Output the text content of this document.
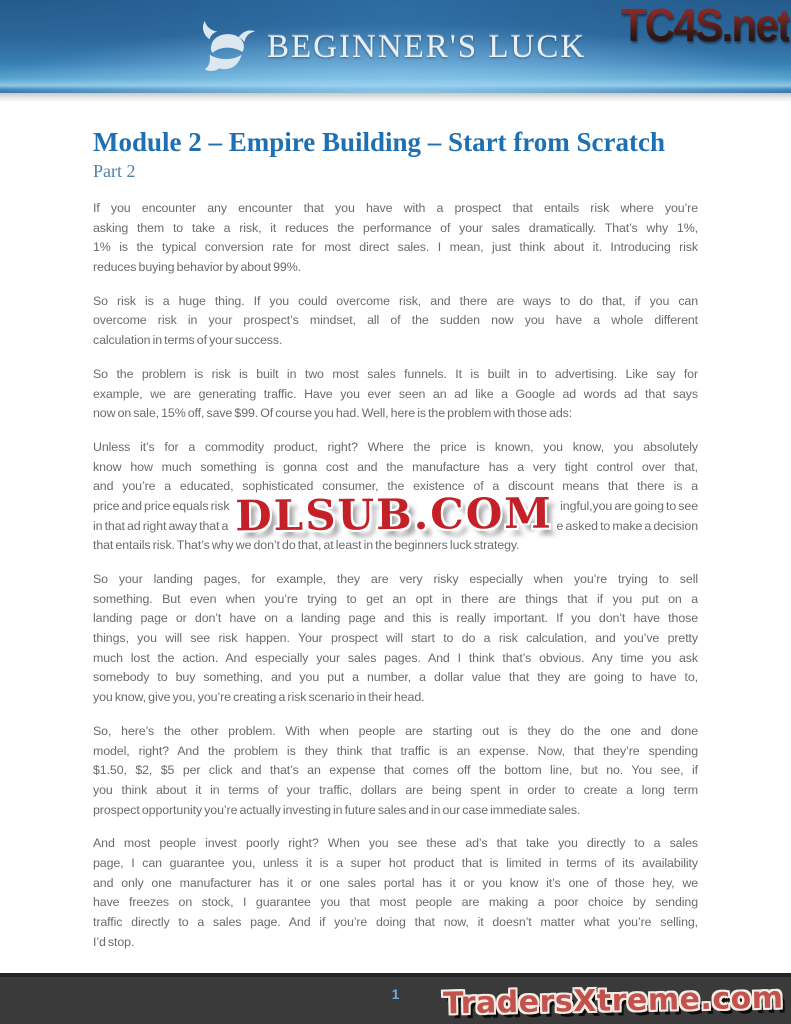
BEGINNER'S LUCK TC4S.net
Module 2 – Empire Building – Start from Scratch
Part 2
If you encounter any encounter that you have with a prospect that entails risk where you’re
asking them to take a risk, it reduces the performance of your sales dramatically. That’s why 1%,
1% is the typical conversion rate for most direct sales. I mean, just think about it. Introducing risk
reduces buying behavior by about 99%.
So risk is a huge thing. If you could overcome risk, and there are ways to do that, if you can
overcome risk in your prospect’s mindset, all of the sudden now you have a whole different
calculation in terms of your success.
So the problem is risk is built in two most sales funnels. It is built in to advertising. Like say for
example, we are generating traffic. Have you ever seen an ad like a Google ad words ad that says
now on sale, 15% off, save $99. Of course you had. Well, here is the problem with those ads:
Unless it’s for a commodity product, right? Where the price is known, you know, you absolutely
know how much something is gonna cost and the manufacture has a very tight control over that,
and you’re a educated, sophisticated consumer, the existence of a discount means that there is a
price and price equals risk	ingful,you are going to see
in that ad right away that a	e asked to make a decision
that entails risk. That’s why we don’t do that, at least in the beginners luck strategy.
So your landing pages, for example, they are very risky especially when you’re trying to sell
something. But even when you’re trying to get an opt in there are things that if you put on a
landing page or don’t have on a landing page and this is really important. If you don’t have those
things, you will see risk happen. Your prospect will start to do a risk calculation, and you’ve pretty
much lost the action. And especially your sales pages. And I think that’s obvious. Any time you ask
somebody to buy something, and you put a number, a dollar value that they are going to have to,
you know, give you, you’re creating a risk scenario in their head.
So, here’s the other problem. With when people are starting out is they do the one and done
model, right? And the problem is they think that traffic is an expense. Now, that they’re spending
$1.50, $2, $5 per click and that’s an expense that comes off the bottom line, but no. You see, if
you think about it in terms of your traffic, dollars are being spent in order to create a long term
prospect opportunity you’re actually investing in future sales and in our case immediate sales.
And most people invest poorly right? When you see these ad’s that take you directly to a sales
page, I can guarantee you, unless it is a super hot product that is limited in terms of its availability
and only one manufacturer has it or one sales portal has it or you know it’s one of those hey, we
have freezes on stock, I guarantee you that most people are making a poor choice by sending
traffic directly to a sales page. And if you’re doing that now, it doesn’t matter what you’re selling,
I’d stop.
DLSUB.COM
1	TradersXtreme.com
